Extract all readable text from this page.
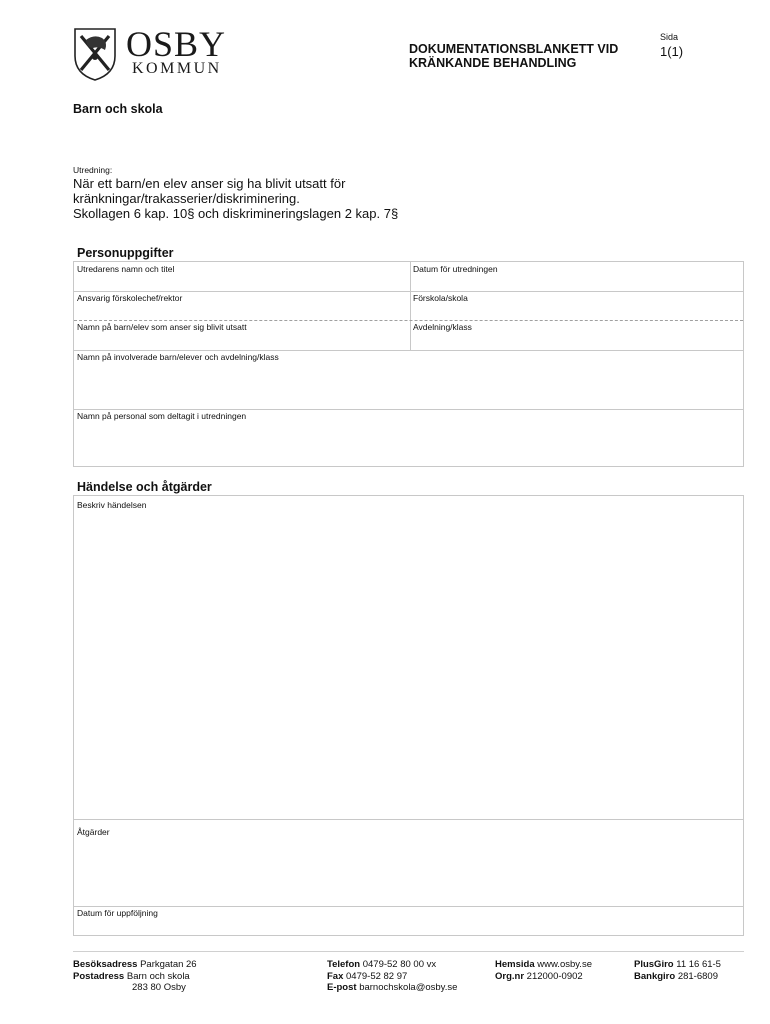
OSBY
KOMMUN
DOKUMENTATIONSBLANKETT VID
KRÄNKANDE BEHANDLING
Sida
1(1)
Barn och skola
Utredning:
När ett barn/en elev anser sig ha blivit utsatt för
kränkningar/trakasserier/diskriminering.
Skollagen 6 kap. 10§ och diskrimineringslagen 2 kap. 7§
Personuppgifter
Utredarens namn och titel	Datum för utredningen
Ansvarig förskolechef/rektor	Förskola/skola
Namn på barn/elev som anser sig blivit utsatt	Avdelning/klass
Namn på involverade barn/elever och avdelning/klass
Namn på personal som deltagit i utredningen
Händelse och åtgärder
Beskriv händelsen
Åtgärder
Datum för uppföljning
Besöksadress Parkgatan 26
Postadress Barn och skola
283 80 Osby
Telefon 0479-52 80 00 vx
Fax 0479-52 82 97
E-post barnochskola@osby.se
Hemsida www.osby.se
Org.nr 212000-0902
PlusGiro 11 16 61-5
Bankgiro 281-6809
